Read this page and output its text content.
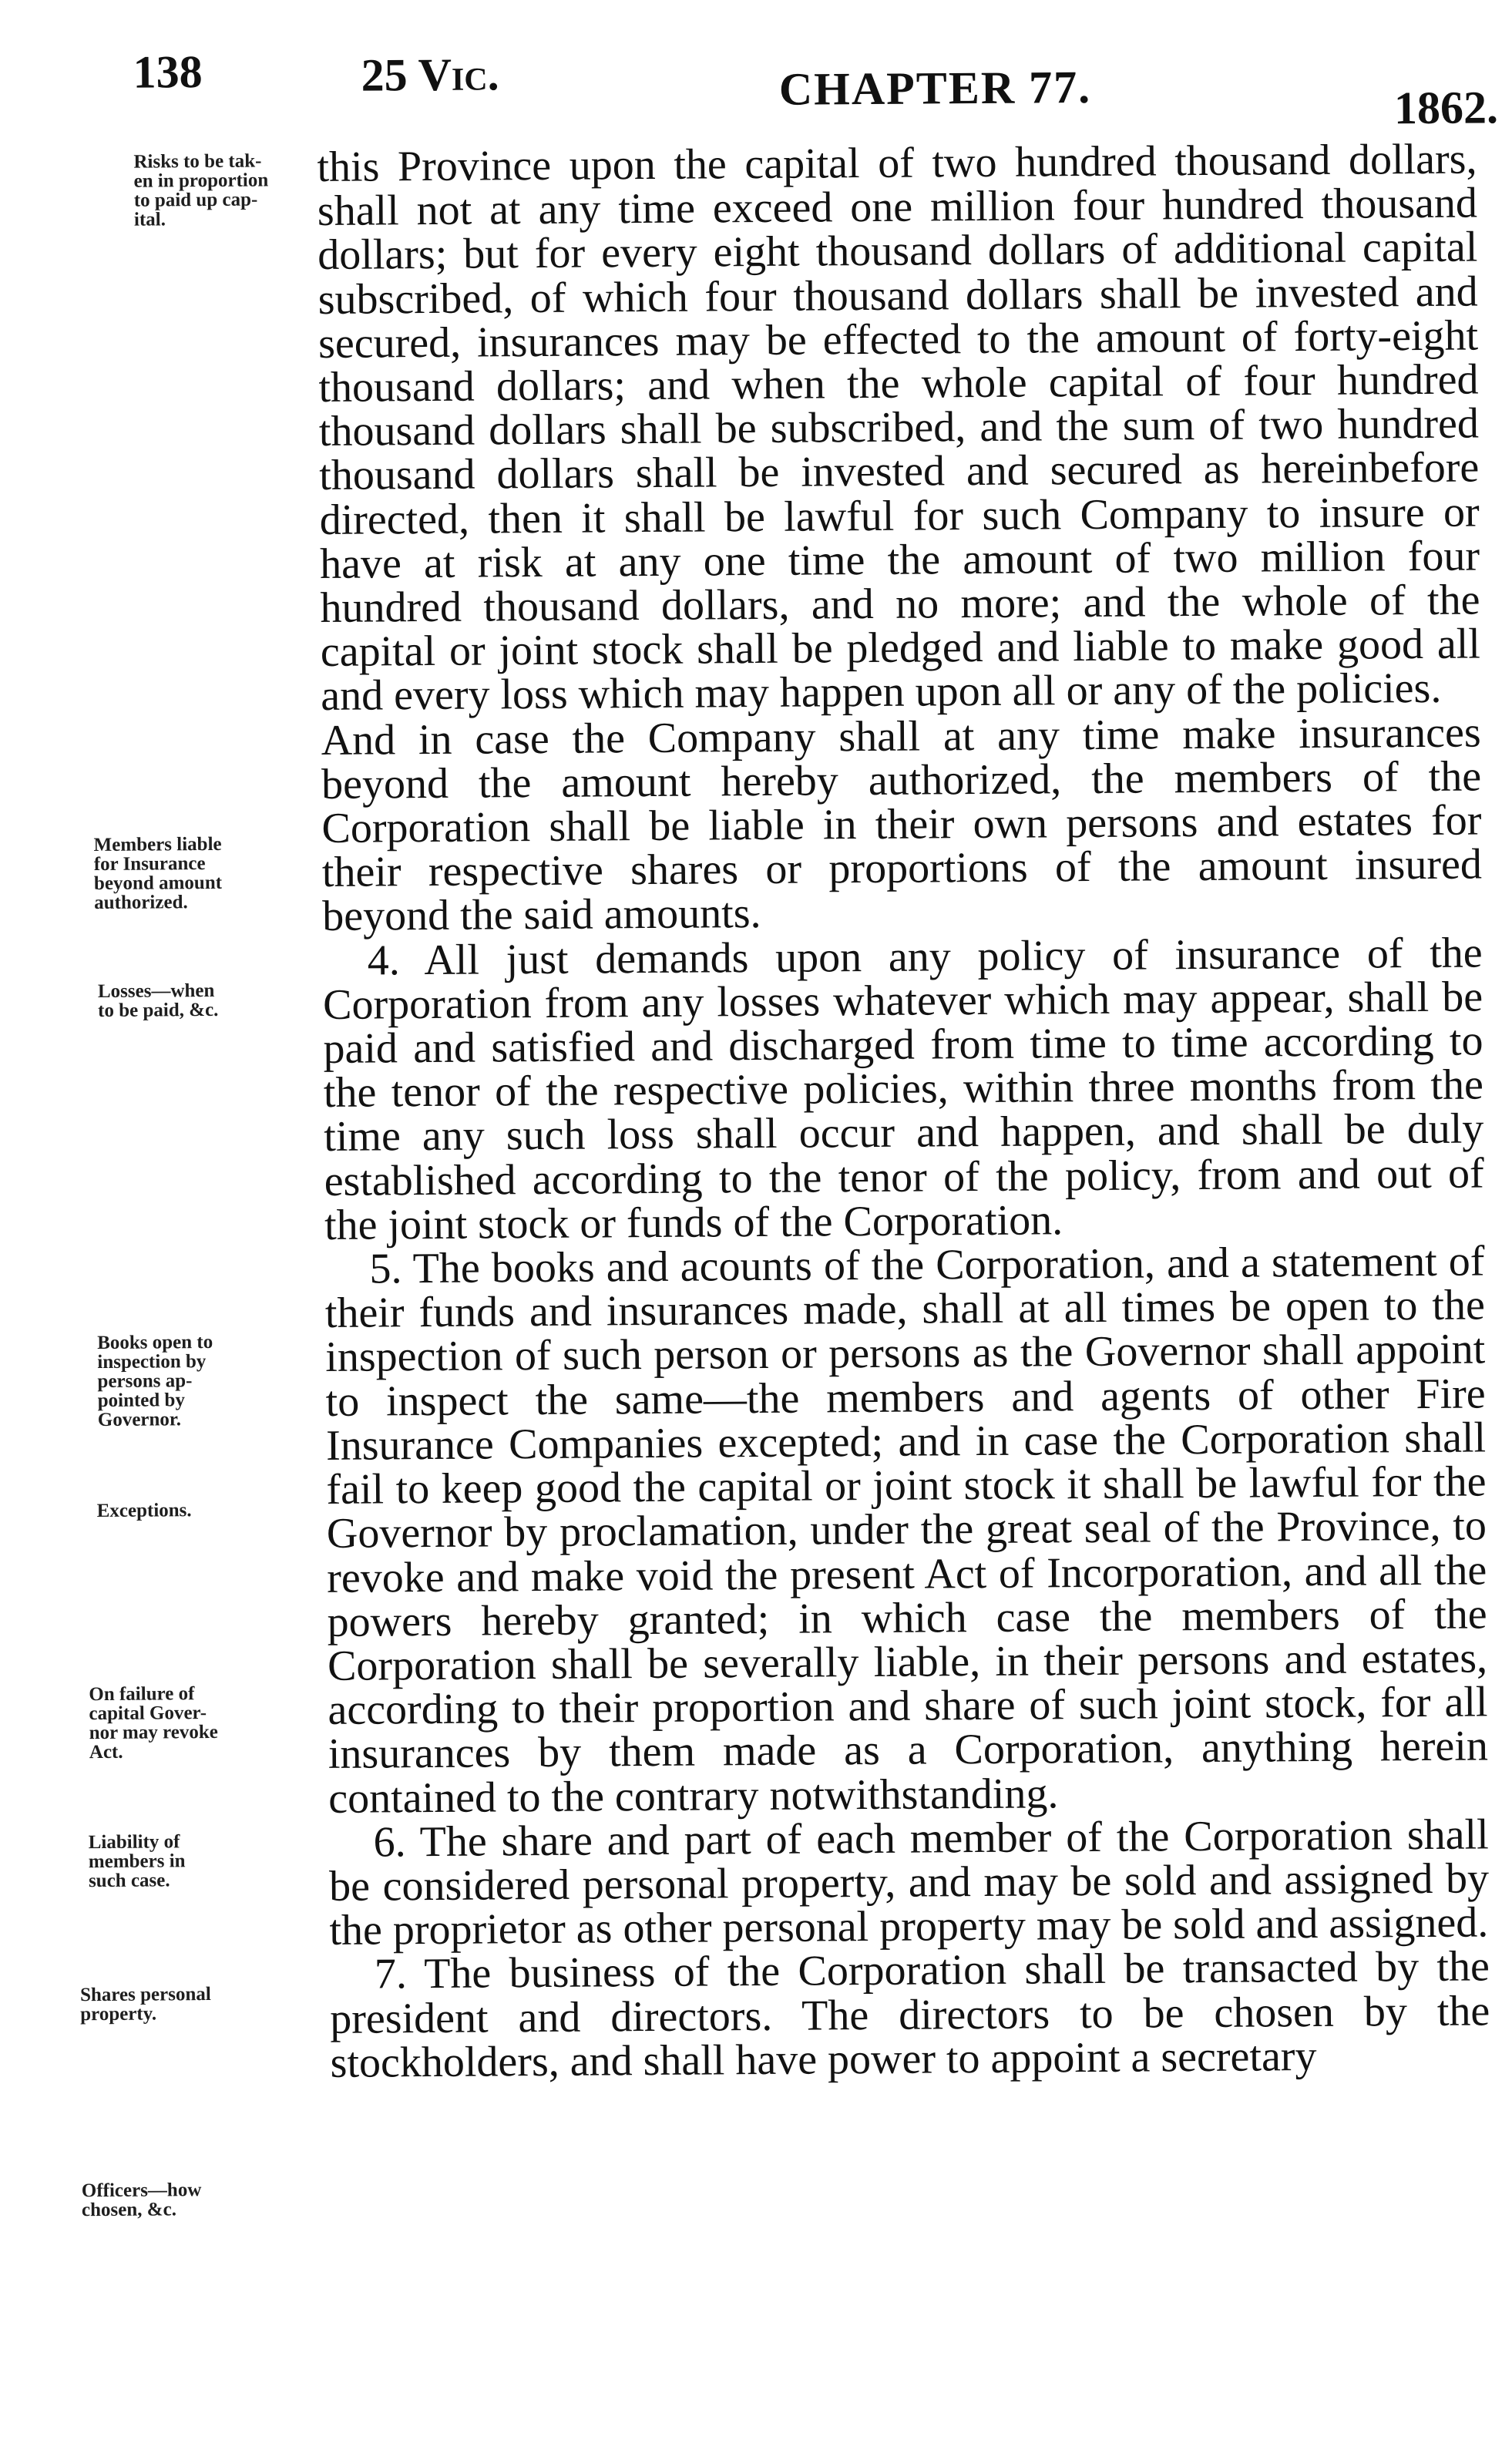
138	25 Vic.	CHAPTER 77.	1862.
Risks to be tak-
en in proportion
to paid up cap-
ital.
Members liable
for Insurance
beyond amount
authorized.
Losses—when
to be paid, &c.
Books open to
inspection by
persons ap-
pointed by
Governor.
Exceptions.
On failure of
capital Gover-
nor may revoke
Act.
Liability of
members in
such case.
Shares personal
property.
Officers—how
chosen, &c.

this Province upon the capital of two hundred thousand dollars, shall not at any time exceed one million four hundred thousand dollars; but for every eight thousand dollars of additional capital subscribed, of which four thousand dollars shall be invested and secured, insurances may be effected to the amount of forty-eight thousand dollars; and when the whole capital of four hundred thousand dollars shall be subscribed, and the sum of two hundred thousand dollars shall be invested and secured as hereinbefore directed, then it shall be lawful for such Company to insure or have at risk at any one time the amount of two million four hundred thousand dollars, and no more; and the whole of the capital or joint stock shall be pledged and liable to make good all and every loss which may happen upon all or any of the policies.

And in case the Company shall at any time make insurances beyond the amount hereby authorized, the members of the Corporation shall be liable in their own persons and estates for their respective shares or proportions of the amount insured beyond the said amounts.

4. All just demands upon any policy of insurance of the Corporation from any losses whatever which may appear, shall be paid and satisfied and discharged from time to time according to the tenor of the respective policies, within three months from the time any such loss shall occur and happen, and shall be duly established according to the tenor of the policy, from and out of the joint stock or funds of the Corporation.

5. The books and acounts of the Corporation, and a statement of their funds and insurances made, shall at all times be open to the inspection of such person or persons as the Governor shall appoint to inspect the same—the members and agents of other Fire Insurance Companies excepted; and in case the Corporation shall fail to keep good the capital or joint stock it shall be lawful for the Governor by proclamation, under the great seal of the Province, to revoke and make void the present Act of Incorporation, and all the powers hereby granted; in which case the members of the Corporation shall be severally liable, in their persons and estates, according to their proportion and share of such joint stock, for all insurances by them made as a Corporation, anything herein contained to the contrary notwithstanding.

6. The share and part of each member of the Corporation shall be considered personal property, and may be sold and assigned by the proprietor as other personal property may be sold and assigned.

7. The business of the Corporation shall be transacted by the president and directors. The directors to be chosen by the stockholders, and shall have power to appoint a secretary
